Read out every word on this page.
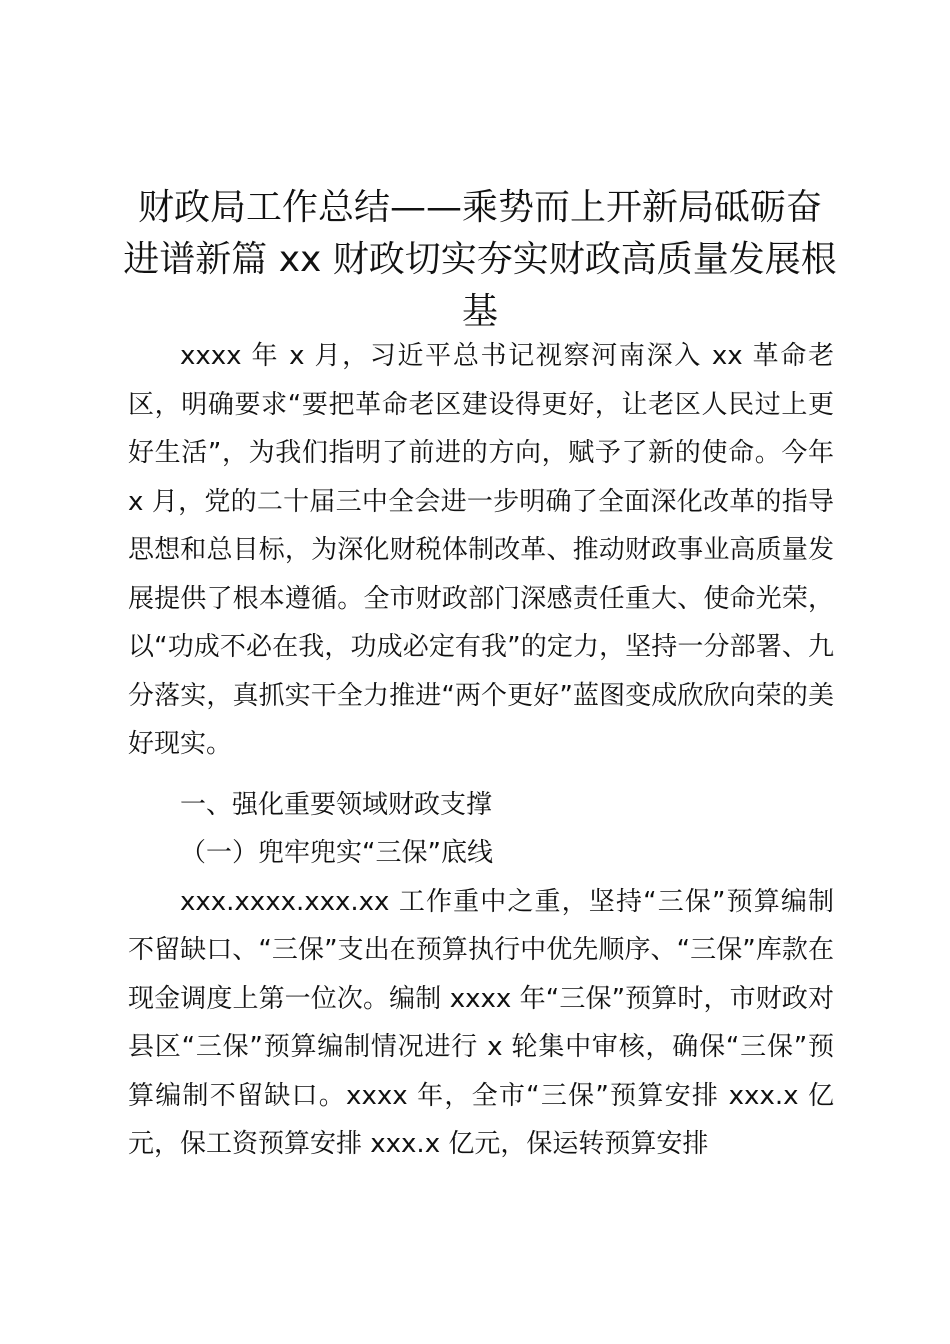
财政局工作总结——乘势而上开新局砥砺奋
进谱新篇 xx 财政切实夯实财政高质量发展根
基

xxxx 年 x 月，习近平总书记视察河南深入 xx 革命老区，明确要求“要把革命老区建设得更好，让老区人民过上更好生活”，为我们指明了前进的方向，赋予了新的使命。今年 x 月，党的二十届三中全会进一步明确了全面深化改革的指导思想和总目标，为深化财税体制改革、推动财政事业高质量发展提供了根本遵循。全市财政部门深感责任重大、使命光荣，以“功成不必在我，功成必定有我”的定力，坚持一分部署、九分落实，真抓实干全力推进“两个更好”蓝图变成欣欣向荣的美好现实。

一、强化重要领域财政支撑

（一）兜牢兜实“三保”底线

xxx.xxxx.xxx.xx 工作重中之重，坚持“三保”预算编制不留缺口、“三保”支出在预算执行中优先顺序、“三保”库款在现金调度上第一位次。编制 xxxx 年“三保”预算时，市财政对县区“三保”预算编制情况进行 x 轮集中审核，确保“三保”预算编制不留缺口。xxxx 年，全市“三保”预算安排 xxx.x 亿元，保工资预算安排 xxx.x 亿元，保运转预算安排
